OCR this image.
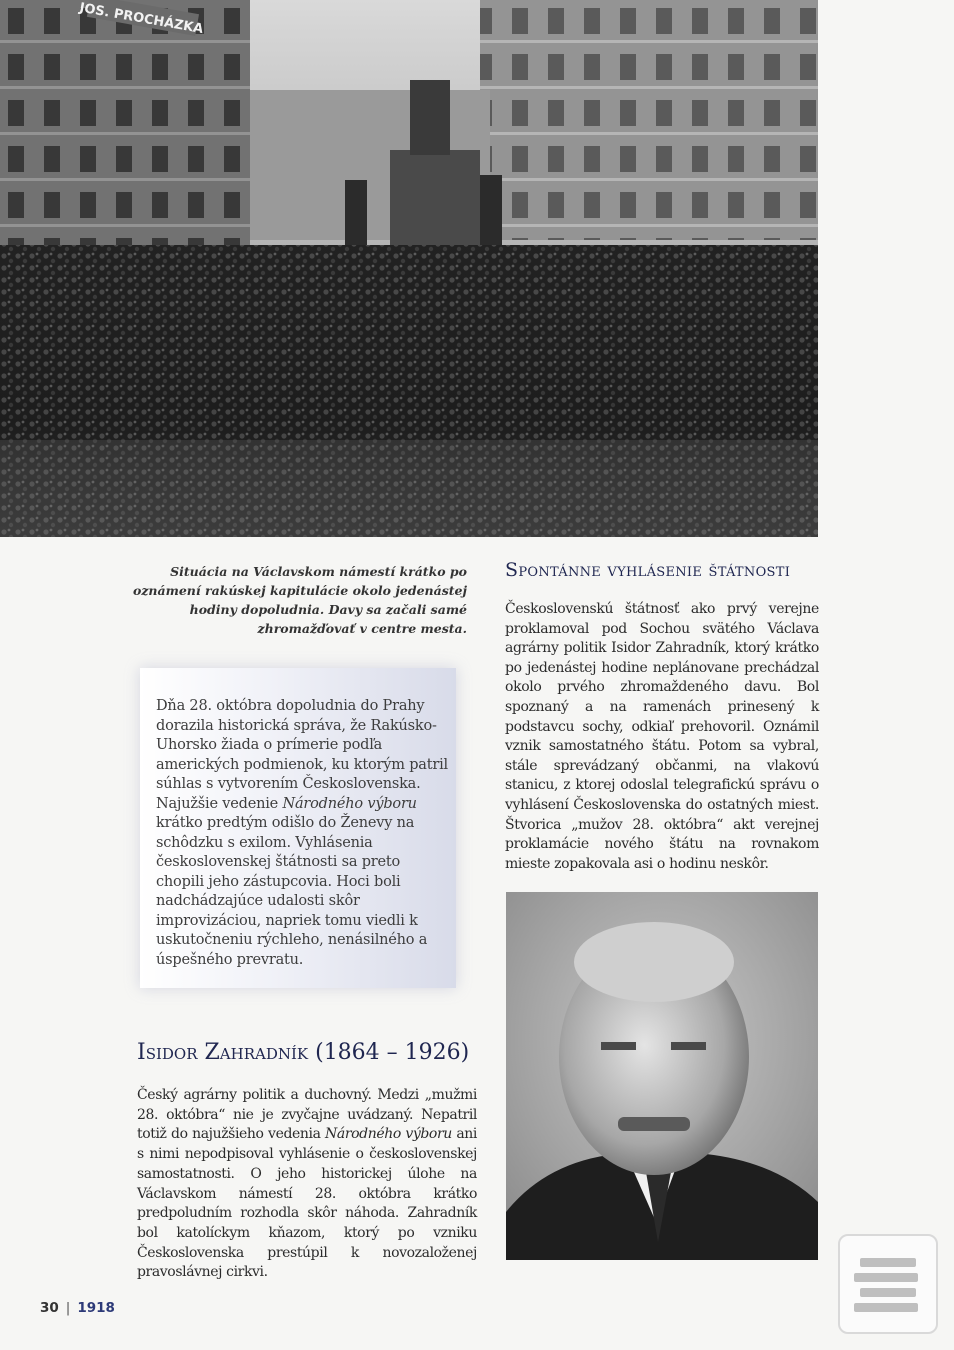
JOS. PROCHÁZKA
Situácia na Václavskom námestí krátko po oznámení rakúskej kapitulácie okolo jedenástej hodiny dopoludnia. Davy sa začali samé zhromažďovať v centre mesta.
Dňa 28. októbra dopoludnia do Prahy dorazila historická správa, že Rakúsko-Uhorsko žiada o prímerie podľa amerických podmienok, ku ktorým patril súhlas s vytvorením Československa. Najužšie vedenie Národného výboru krátko predtým odišlo do Ženevy na schôdzku s exilom. Vyhlásenia československej štátnosti sa preto chopili jeho zástupcovia. Hoci boli nadchádzajúce udalosti skôr improvizáciou, napriek tomu viedli k uskutočneniu rýchleho, nenásilného a úspešného prevratu.
Spontánne vyhlásenie štátnosti
Československú štátnosť ako prvý verejne proklamoval pod Sochou svätého Václava agrárny politik Isidor Zahradník, ktorý krátko po jedenástej hodine neplánovane prechádzal okolo prvého zhromaždeného davu. Bol spoznaný a na ramenách prinesený k podstavcu sochy, odkiaľ prehovoril. Oznámil vznik samostatného štátu. Potom sa vybral, stále sprevádzaný občanmi, na vlakovú stanicu, z ktorej odoslal telegrafickú správu o vyhlásení Československa do ostatných miest. Štvorica „mužov 28. októbra“ akt verejnej proklamácie nového štátu na rovnakom mieste zopakovala asi o hodinu neskôr.
Isidor Zahradník (1864 – 1926)
Český agrárny politik a duchovný. Medzi „mužmi 28. októbra“ nie je zvyčajne uvádzaný. Nepatril totiž do najužšieho vedenia Národného výboru ani s nimi nepodpisoval vyhlásenie o československej samostatnosti. O jeho historickej úlohe na Václavskom námestí 28. októbra krátko predpoludním rozhodla skôr náhoda. Zahradník bol katolíckym kňazom, ktorý po vzniku Československa prestúpil k novozaloženej pravoslávnej cirkvi.
30 | 1918
